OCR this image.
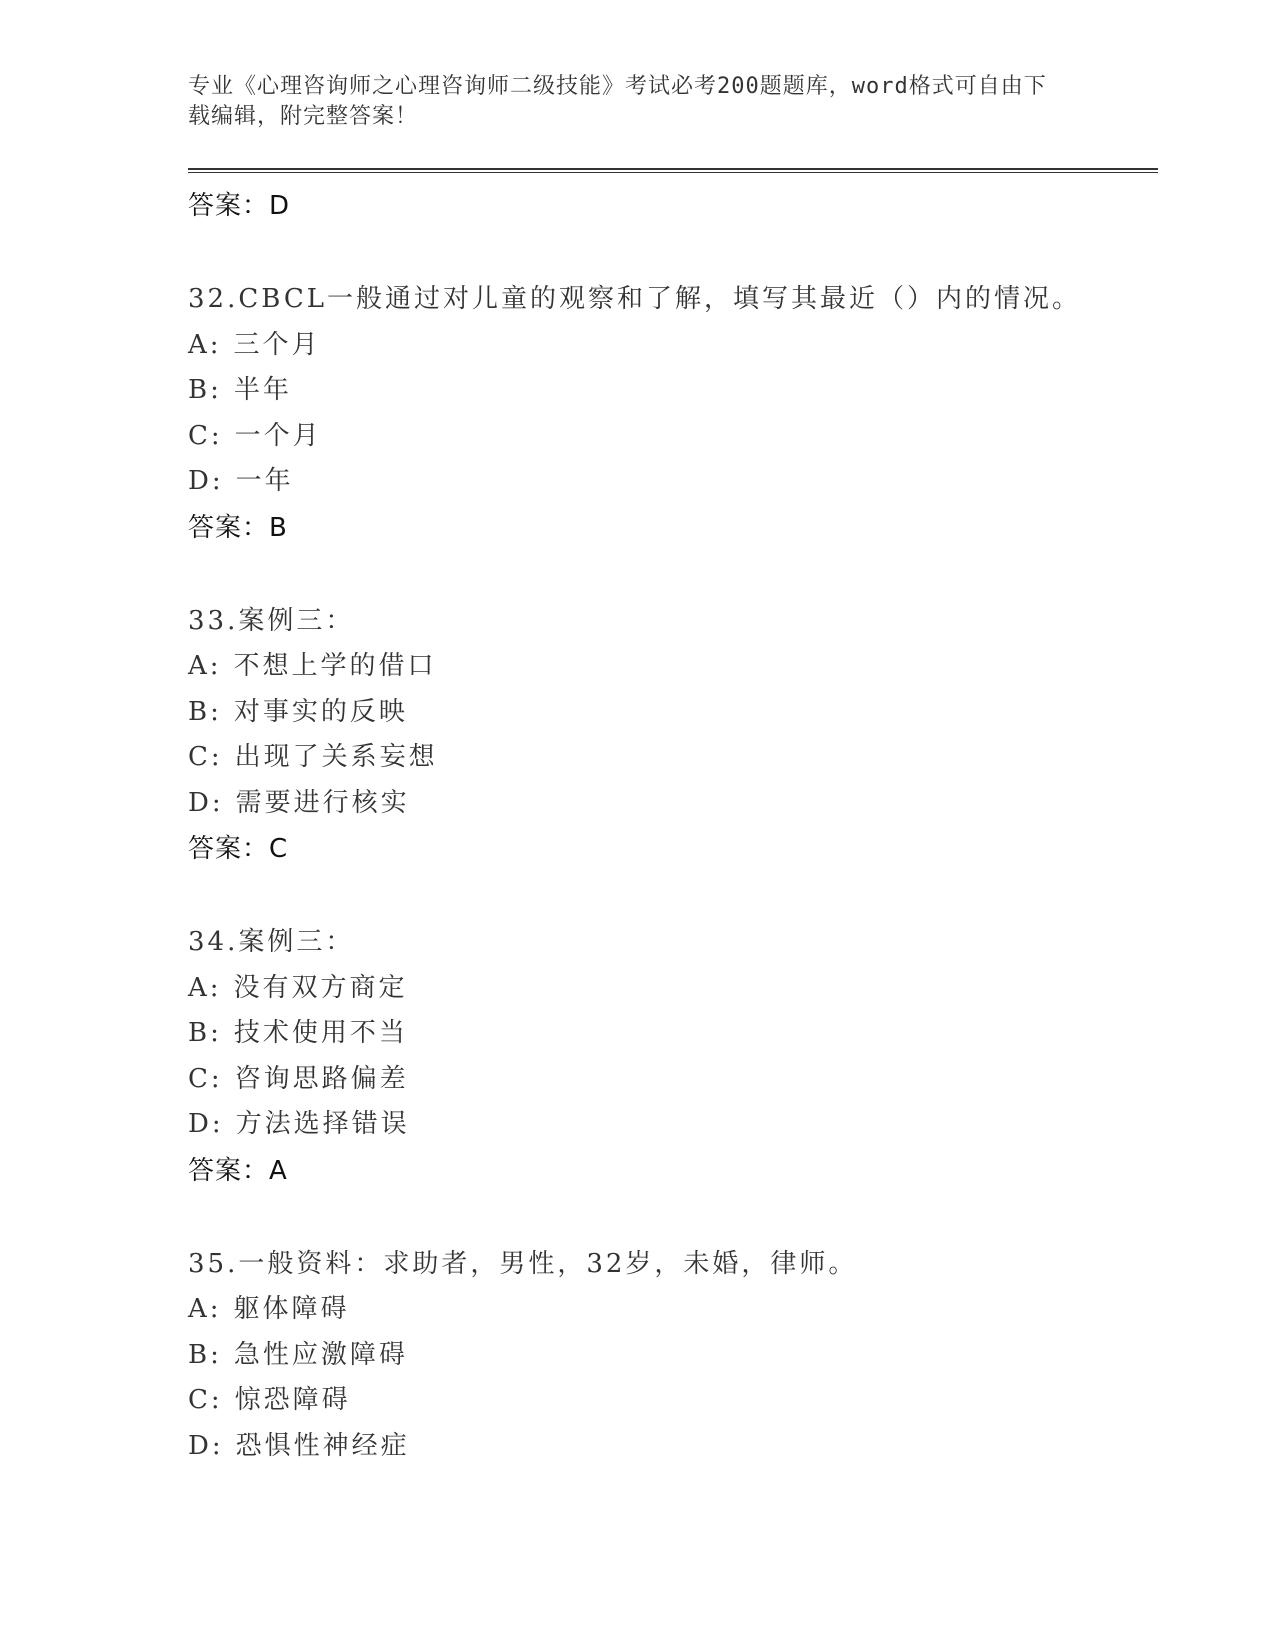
专业《心理咨询师之心理咨询师二级技能》考试必考200题题库，word格式可自由下载编辑，附完整答案！
答案：D
32.CBCL一般通过对儿童的观察和了解，填写其最近（）内的情况。
A: 三个月
B: 半年
C: 一个月
D: 一年
答案：B
33.案例三：
A: 不想上学的借口
B: 对事实的反映
C: 出现了关系妄想
D: 需要进行核实
答案：C
34.案例三：
A: 没有双方商定
B: 技术使用不当
C: 咨询思路偏差
D: 方法选择错误
答案：A
35.一般资料：求助者，男性，32岁，未婚，律师。
A: 躯体障碍
B: 急性应激障碍
C: 惊恐障碍
D: 恐惧性神经症
